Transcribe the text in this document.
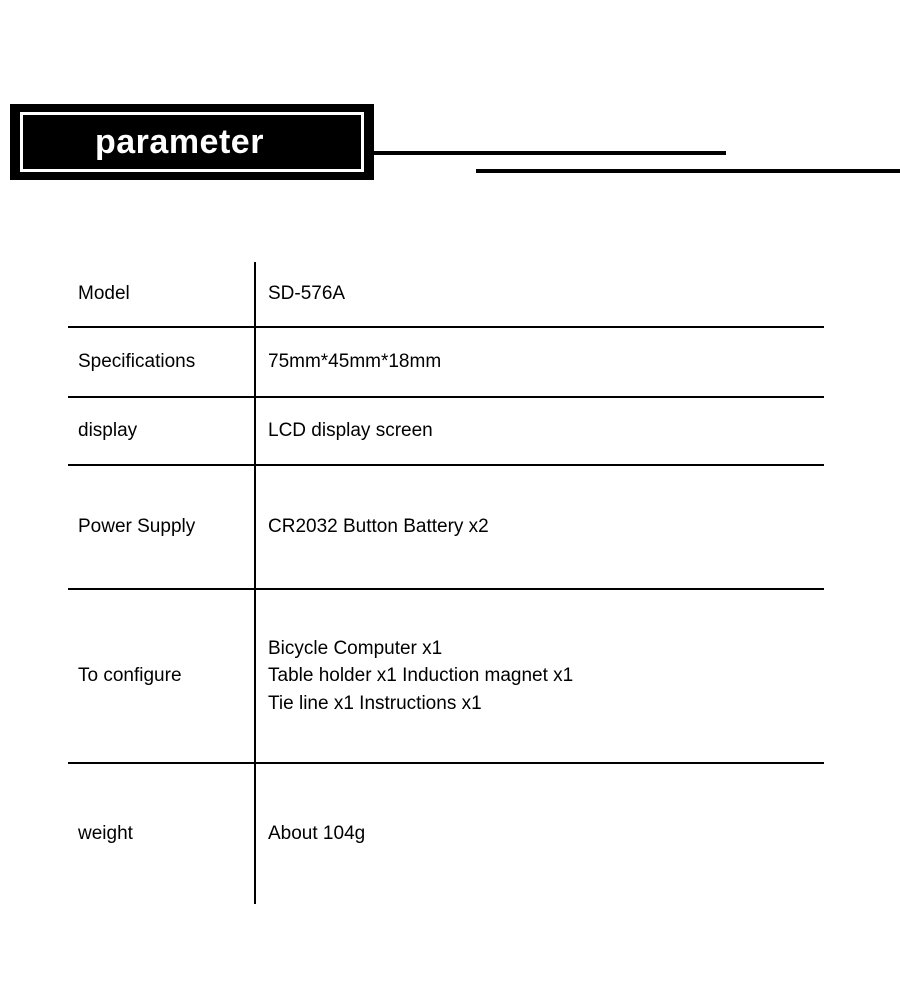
parameter
Model	SD-576A

Specifications	75mm*45mm*18mm

display	LCD display screen

Power Supply	CR2032 Button Battery x2

To configure	Bicycle Computer x1
Table holder x1 Induction magnet x1
Tie line x1 Instructions x1

weight	About 104g
